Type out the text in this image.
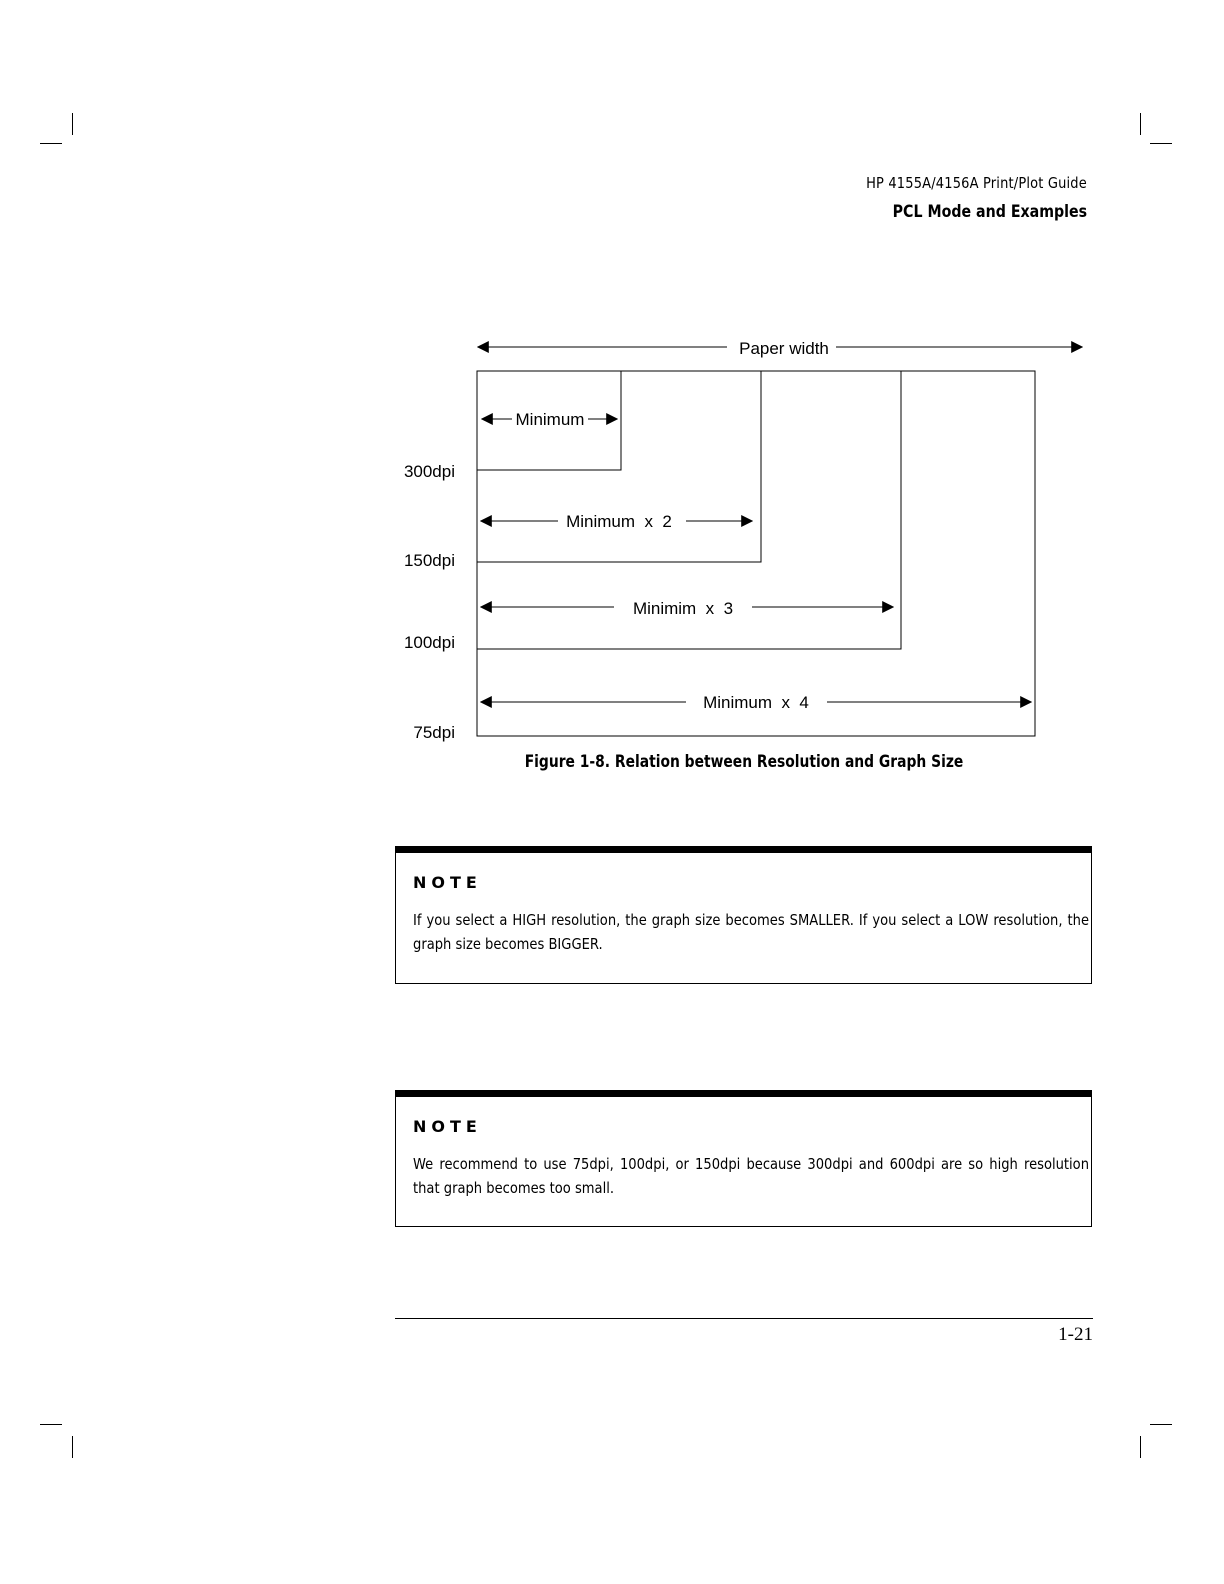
HP 4155A/4156A Print/Plot Guide
PCL Mode and Examples
Paper width
Minimum
300dpi
Minimum  x  2
150dpi
Minimim  x  3
100dpi
Minimum  x  4
75dpi
Figure 1-8. Relation between Resolution and Graph Size
NOTE
If you select a HIGH resolution, the graph size becomes SMALLER. If you select a LOW resolution, the graph size becomes BIGGER.
NOTE
We recommend to use 75dpi, 100dpi, or 150dpi because 300dpi and 600dpi are so high resolution that graph becomes too small.
1-21
